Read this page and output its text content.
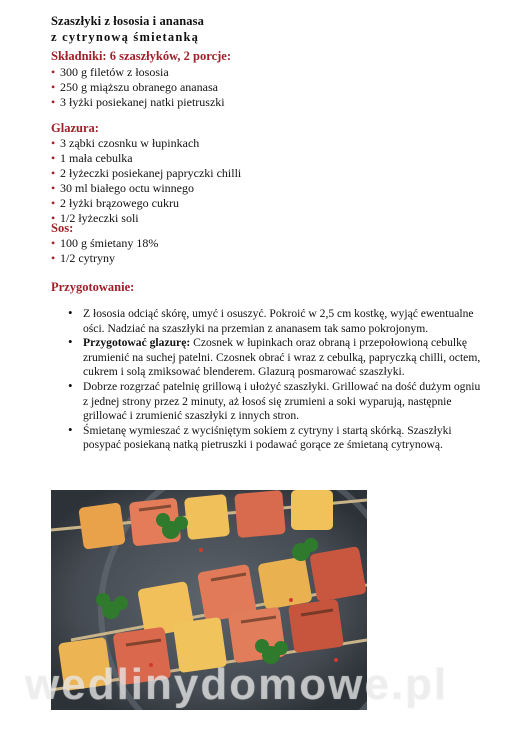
Szaszłyki z łososia i ananasa
z cytrynową śmietanką
Składniki: 6 szaszłyków, 2 porcje:
• 300 g filetów z łososia
• 250 g miąższu obranego ananasa
• 3 łyżki posiekanej natki pietruszki
Glazura:
• 3 ząbki czosnku w łupinkach
• 1 mała cebulka
• 2 łyżeczki posiekanej papryczki chilli
• 30 ml białego octu winnego
• 2 łyżki brązowego cukru
• 1/2 łyżeczki soli
Sos:
• 100 g śmietany 18%
• 1/2 cytryny
Przygotowanie:
• Z łososia odciąć skórę, umyć i osuszyć. Pokroić w 2,5 cm kostkę, wyjąć ewentualne ości. Nadziać na szaszłyki na przemian z ananasem tak samo pokrojonym.
• Przygotować glazurę: Czosnek w łupinkach oraz obraną i przepołowioną cebulkę zrumienić na suchej patelni. Czosnek obrać i wraz z cebulką, papryczką chilli, octem, cukrem i solą zmiksować blenderem. Glazurą posmarować szaszłyki.
• Dobrze rozgrzać patelnię grillową i ułożyć szaszłyki. Grillować na dość dużym ogniu z jednej strony przez 2 minuty, aż łosoś się zrumieni a soki wyparują, następnie grillować i zrumienić szaszłyki z innych stron.
• Śmietanę wymieszać z wyciśniętym sokiem z cytryny i startą skórką. Szaszłyki posypać posiekaną natką pietruszki i podawać gorące ze śmietaną cytrynową.
wedlinydomowe.pl
